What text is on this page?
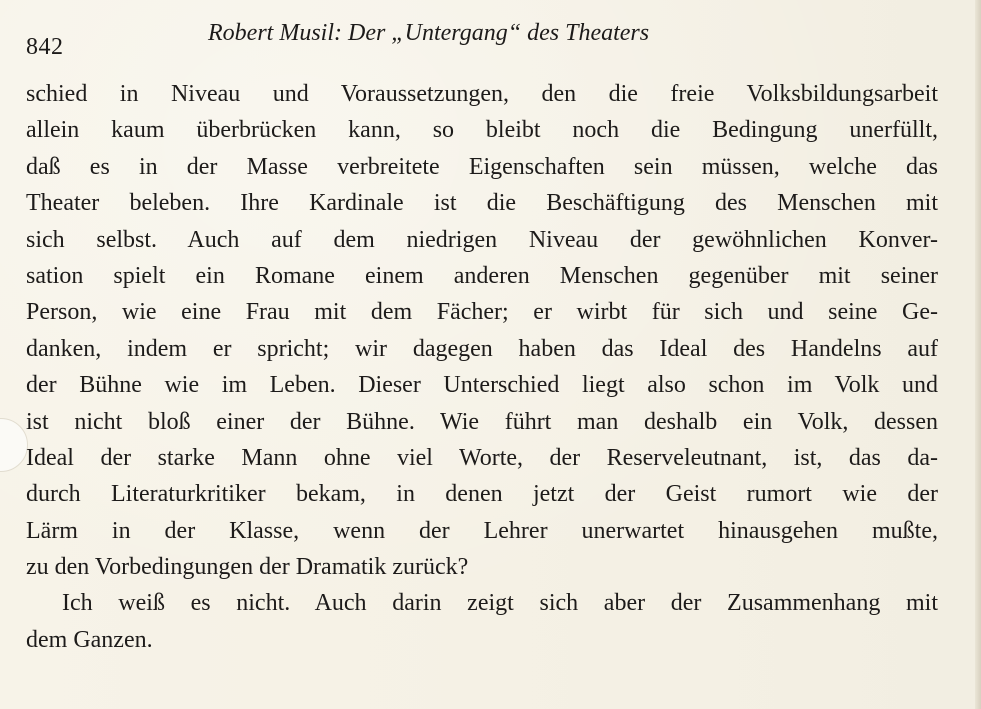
842
Robert Musil: Der „Untergang“ des Theaters
schied in Niveau und Voraussetzungen, den die freie Volksbildungsarbeit
allein kaum überbrücken kann, so bleibt noch die Bedingung unerfüllt,
daß es in der Masse verbreitete Eigenschaften sein müssen, welche das
Theater beleben. Ihre Kardinale ist die Beschäftigung des Menschen mit
sich selbst. Auch auf dem niedrigen Niveau der gewöhnlichen Konver-
sation spielt ein Romane einem anderen Menschen gegenüber mit seiner
Person, wie eine Frau mit dem Fächer; er wirbt für sich und seine Ge-
danken, indem er spricht; wir dagegen haben das Ideal des Handelns auf
der Bühne wie im Leben. Dieser Unterschied liegt also schon im Volk und
ist nicht bloß einer der Bühne. Wie führt man deshalb ein Volk, dessen
Ideal der starke Mann ohne viel Worte, der Reserveleutnant, ist, das da-
durch Literaturkritiker bekam, in denen jetzt der Geist rumort wie der
Lärm in der Klasse, wenn der Lehrer unerwartet hinausgehen mußte,
zu den Vorbedingungen der Dramatik zurück?
Ich weiß es nicht. Auch darin zeigt sich aber der Zusammenhang mit
dem Ganzen.
